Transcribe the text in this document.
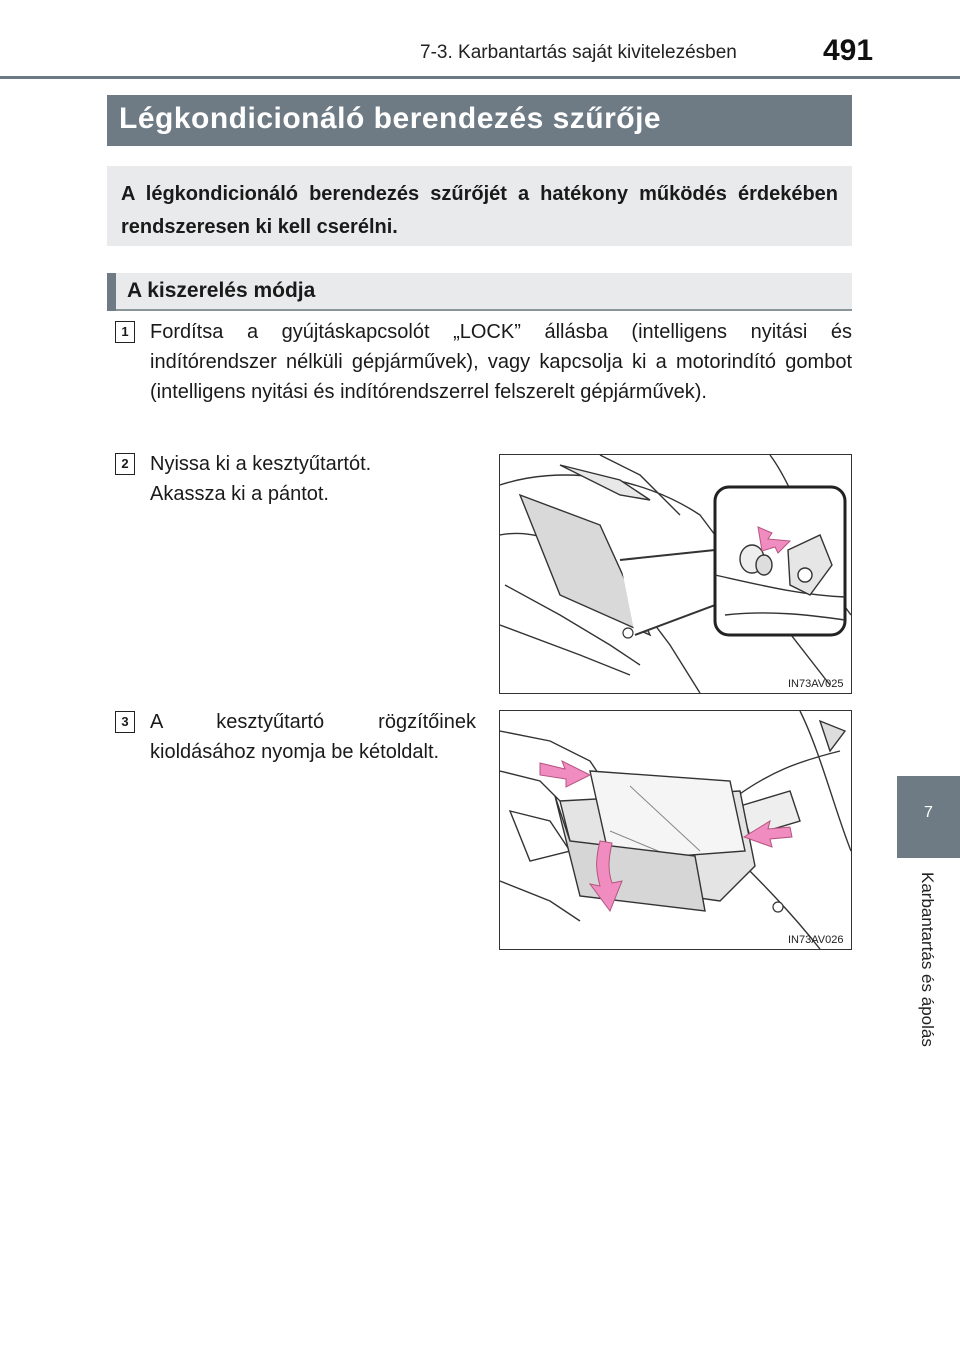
7-3. Karbantartás saját kivitelezésben	491
Légkondicionáló berendezés szűrője
A légkondicionáló berendezés szűrőjét a hatékony működés érdekében rendszeresen ki kell cserélni.
A kiszerelés módja
1	Fordítsa a gyújtáskapcsolót „LOCK” állásba (intelligens nyitási és indítórendszer nélküli gépjárművek), vagy kapcsolja ki a motorindító gombot (intelligens nyitási és indítórendszerrel felszerelt gépjárművek).
2	Nyissa ki a kesztyűtartót.
Akassza ki a pántot.
IN73AV025
3	A kesztyűtartó rögzítőinek kioldásához nyomja be kétoldalt.
IN73AV026
7
Karbantartás és ápolás
